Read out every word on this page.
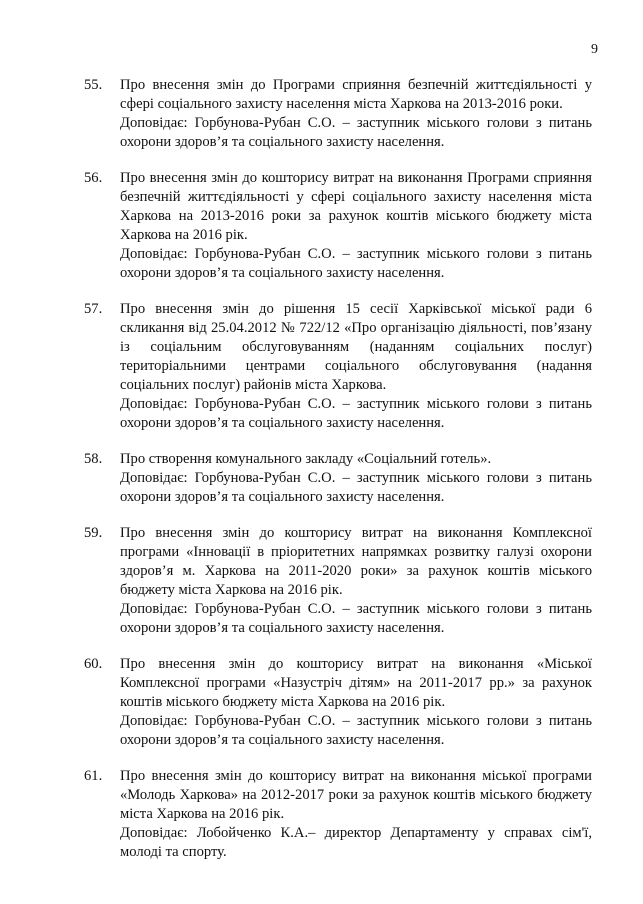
9
55. Про внесення змін до Програми сприяння безпечній життєдіяльності у сфері соціального захисту населення міста Харкова на 2013-2016 роки.
Доповідає: Горбунова-Рубан С.О. – заступник міського голови з питань охорони здоров’я та соціального захисту населення.
56. Про внесення змін до кошторису витрат на виконання Програми сприяння безпечній життєдіяльності у сфері соціального захисту населення міста Харкова на 2013-2016 роки за рахунок коштів міського бюджету міста Харкова на 2016 рік.
Доповідає: Горбунова-Рубан С.О. – заступник міського голови з питань охорони здоров’я та соціального захисту населення.
57. Про внесення змін до рішення 15 сесії Харківської міської ради 6 скликання від 25.04.2012 № 722/12 «Про організацію діяльності, пов’язану із соціальним обслуговуванням (наданням соціальних послуг) територіальними центрами соціального обслуговування (надання соціальних послуг) районів міста Харкова.
Доповідає: Горбунова-Рубан С.О. – заступник міського голови з питань охорони здоров’я та соціального захисту населення.
58. Про створення комунального закладу «Соціальний готель».
Доповідає: Горбунова-Рубан С.О. – заступник міського голови з питань охорони здоров’я та соціального захисту населення.
59. Про внесення змін до кошторису витрат на виконання Комплексної програми «Інновації в пріоритетних напрямках розвитку галузі охорони здоров’я м. Харкова на 2011-2020 роки» за рахунок коштів міського бюджету міста Харкова на 2016 рік.
Доповідає: Горбунова-Рубан С.О. – заступник міського голови з питань охорони здоров’я та соціального захисту населення.
60. Про внесення змін до кошторису витрат на виконання «Міської Комплексної програми «Назустріч дітям» на 2011-2017 рр.» за рахунок коштів міського бюджету міста Харкова на 2016 рік.
Доповідає: Горбунова-Рубан С.О. – заступник міського голови з питань охорони здоров’я та соціального захисту населення.
61. Про внесення змін до кошторису витрат на виконання міської програми «Молодь Харкова» на 2012-2017 роки за рахунок коштів міського бюджету міста Харкова на 2016 рік.
Доповідає: Лобойченко К.А.– директор Департаменту у справах сім'ї, молоді та спорту.
